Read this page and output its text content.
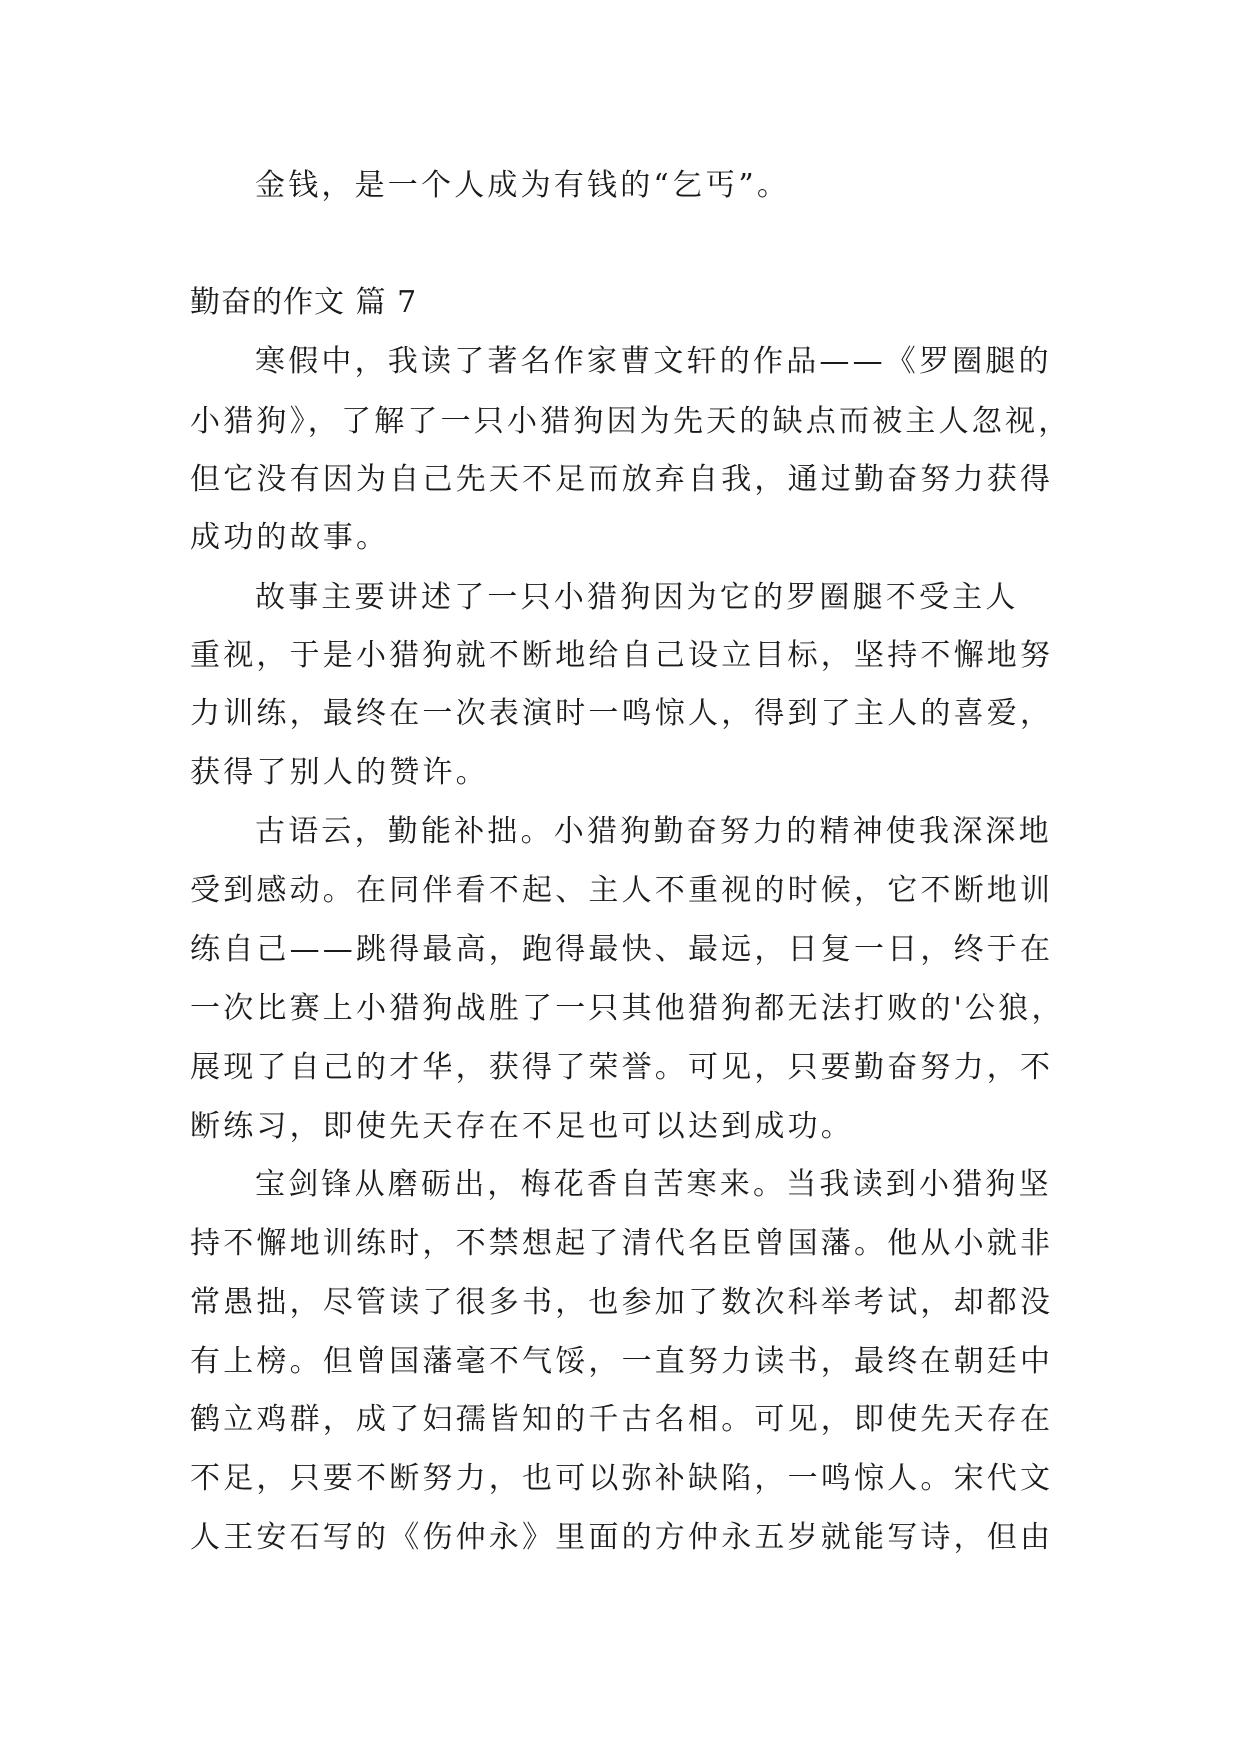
金钱，是一个人成为有钱的“乞丐”。
勤奋的作文 篇 7
寒假中，我读了著名作家曹文轩的作品——《罗圈腿的
小猎狗》，了解了一只小猎狗因为先天的缺点而被主人忽视，
但它没有因为自己先天不足而放弃自我，通过勤奋努力获得
成功的故事。
故事主要讲述了一只小猎狗因为它的罗圈腿不受主人
重视，于是小猎狗就不断地给自己设立目标，坚持不懈地努
力训练，最终在一次表演时一鸣惊人，得到了主人的喜爱，
获得了别人的赞许。
古语云，勤能补拙。小猎狗勤奋努力的精神使我深深地
受到感动。在同伴看不起、主人不重视的时候，它不断地训
练自己——跳得最高，跑得最快、最远，日复一日，终于在
一次比赛上小猎狗战胜了一只其他猎狗都无法打败的'公狼，
展现了自己的才华，获得了荣誉。可见，只要勤奋努力，不
断练习，即使先天存在不足也可以达到成功。
宝剑锋从磨砺出，梅花香自苦寒来。当我读到小猎狗坚
持不懈地训练时，不禁想起了清代名臣曾国藩。他从小就非
常愚拙，尽管读了很多书，也参加了数次科举考试，却都没
有上榜。但曾国藩毫不气馁，一直努力读书，最终在朝廷中
鹤立鸡群，成了妇孺皆知的千古名相。可见，即使先天存在
不足，只要不断努力，也可以弥补缺陷，一鸣惊人。宋代文
人王安石写的《伤仲永》里面的方仲永五岁就能写诗，但由
